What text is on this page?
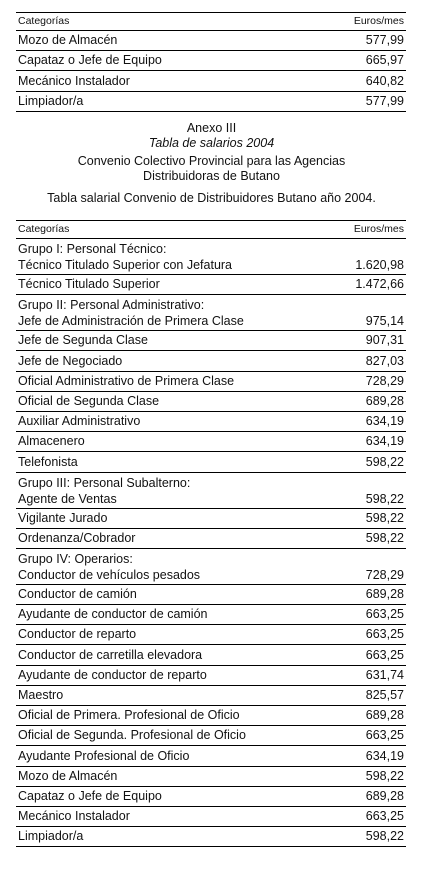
Categorías	Euros/mes
Mozo de Almacén	577,99
Capataz o Jefe de Equipo	665,97
Mecánico Instalador	640,82
Limpiador/a	577,99
Anexo III
Tabla de salarios 2004
Convenio Colectivo Provincial para las Agencias
Distribuidoras de Butano
Tabla salarial Convenio de Distribuidores Butano año 2004.
Categorías	Euros/mes
Grupo I: Personal Técnico:
Técnico Titulado Superior con Jefatura	1.620,98
Técnico Titulado Superior	1.472,66
Grupo II: Personal Administrativo:
Jefe de Administración de Primera Clase	975,14
Jefe de Segunda Clase	907,31
Jefe de Negociado	827,03
Oficial Administrativo de Primera Clase	728,29
Oficial de Segunda Clase	689,28
Auxiliar Administrativo	634,19
Almacenero	634,19
Telefonista	598,22
Grupo III: Personal Subalterno:
Agente de Ventas	598,22
Vigilante Jurado	598,22
Ordenanza/Cobrador	598,22
Grupo IV: Operarios:
Conductor de vehículos pesados	728,29
Conductor de camión	689,28
Ayudante de conductor de camión	663,25
Conductor de reparto	663,25
Conductor de carretilla elevadora	663,25
Ayudante de conductor de reparto	631,74
Maestro	825,57
Oficial de Primera. Profesional de Oficio	689,28
Oficial de Segunda. Profesional de Oficio	663,25
Ayudante Profesional de Oficio	634,19
Mozo de Almacén	598,22
Capataz o Jefe de Equipo	689,28
Mecánico Instalador	663,25
Limpiador/a	598,22
